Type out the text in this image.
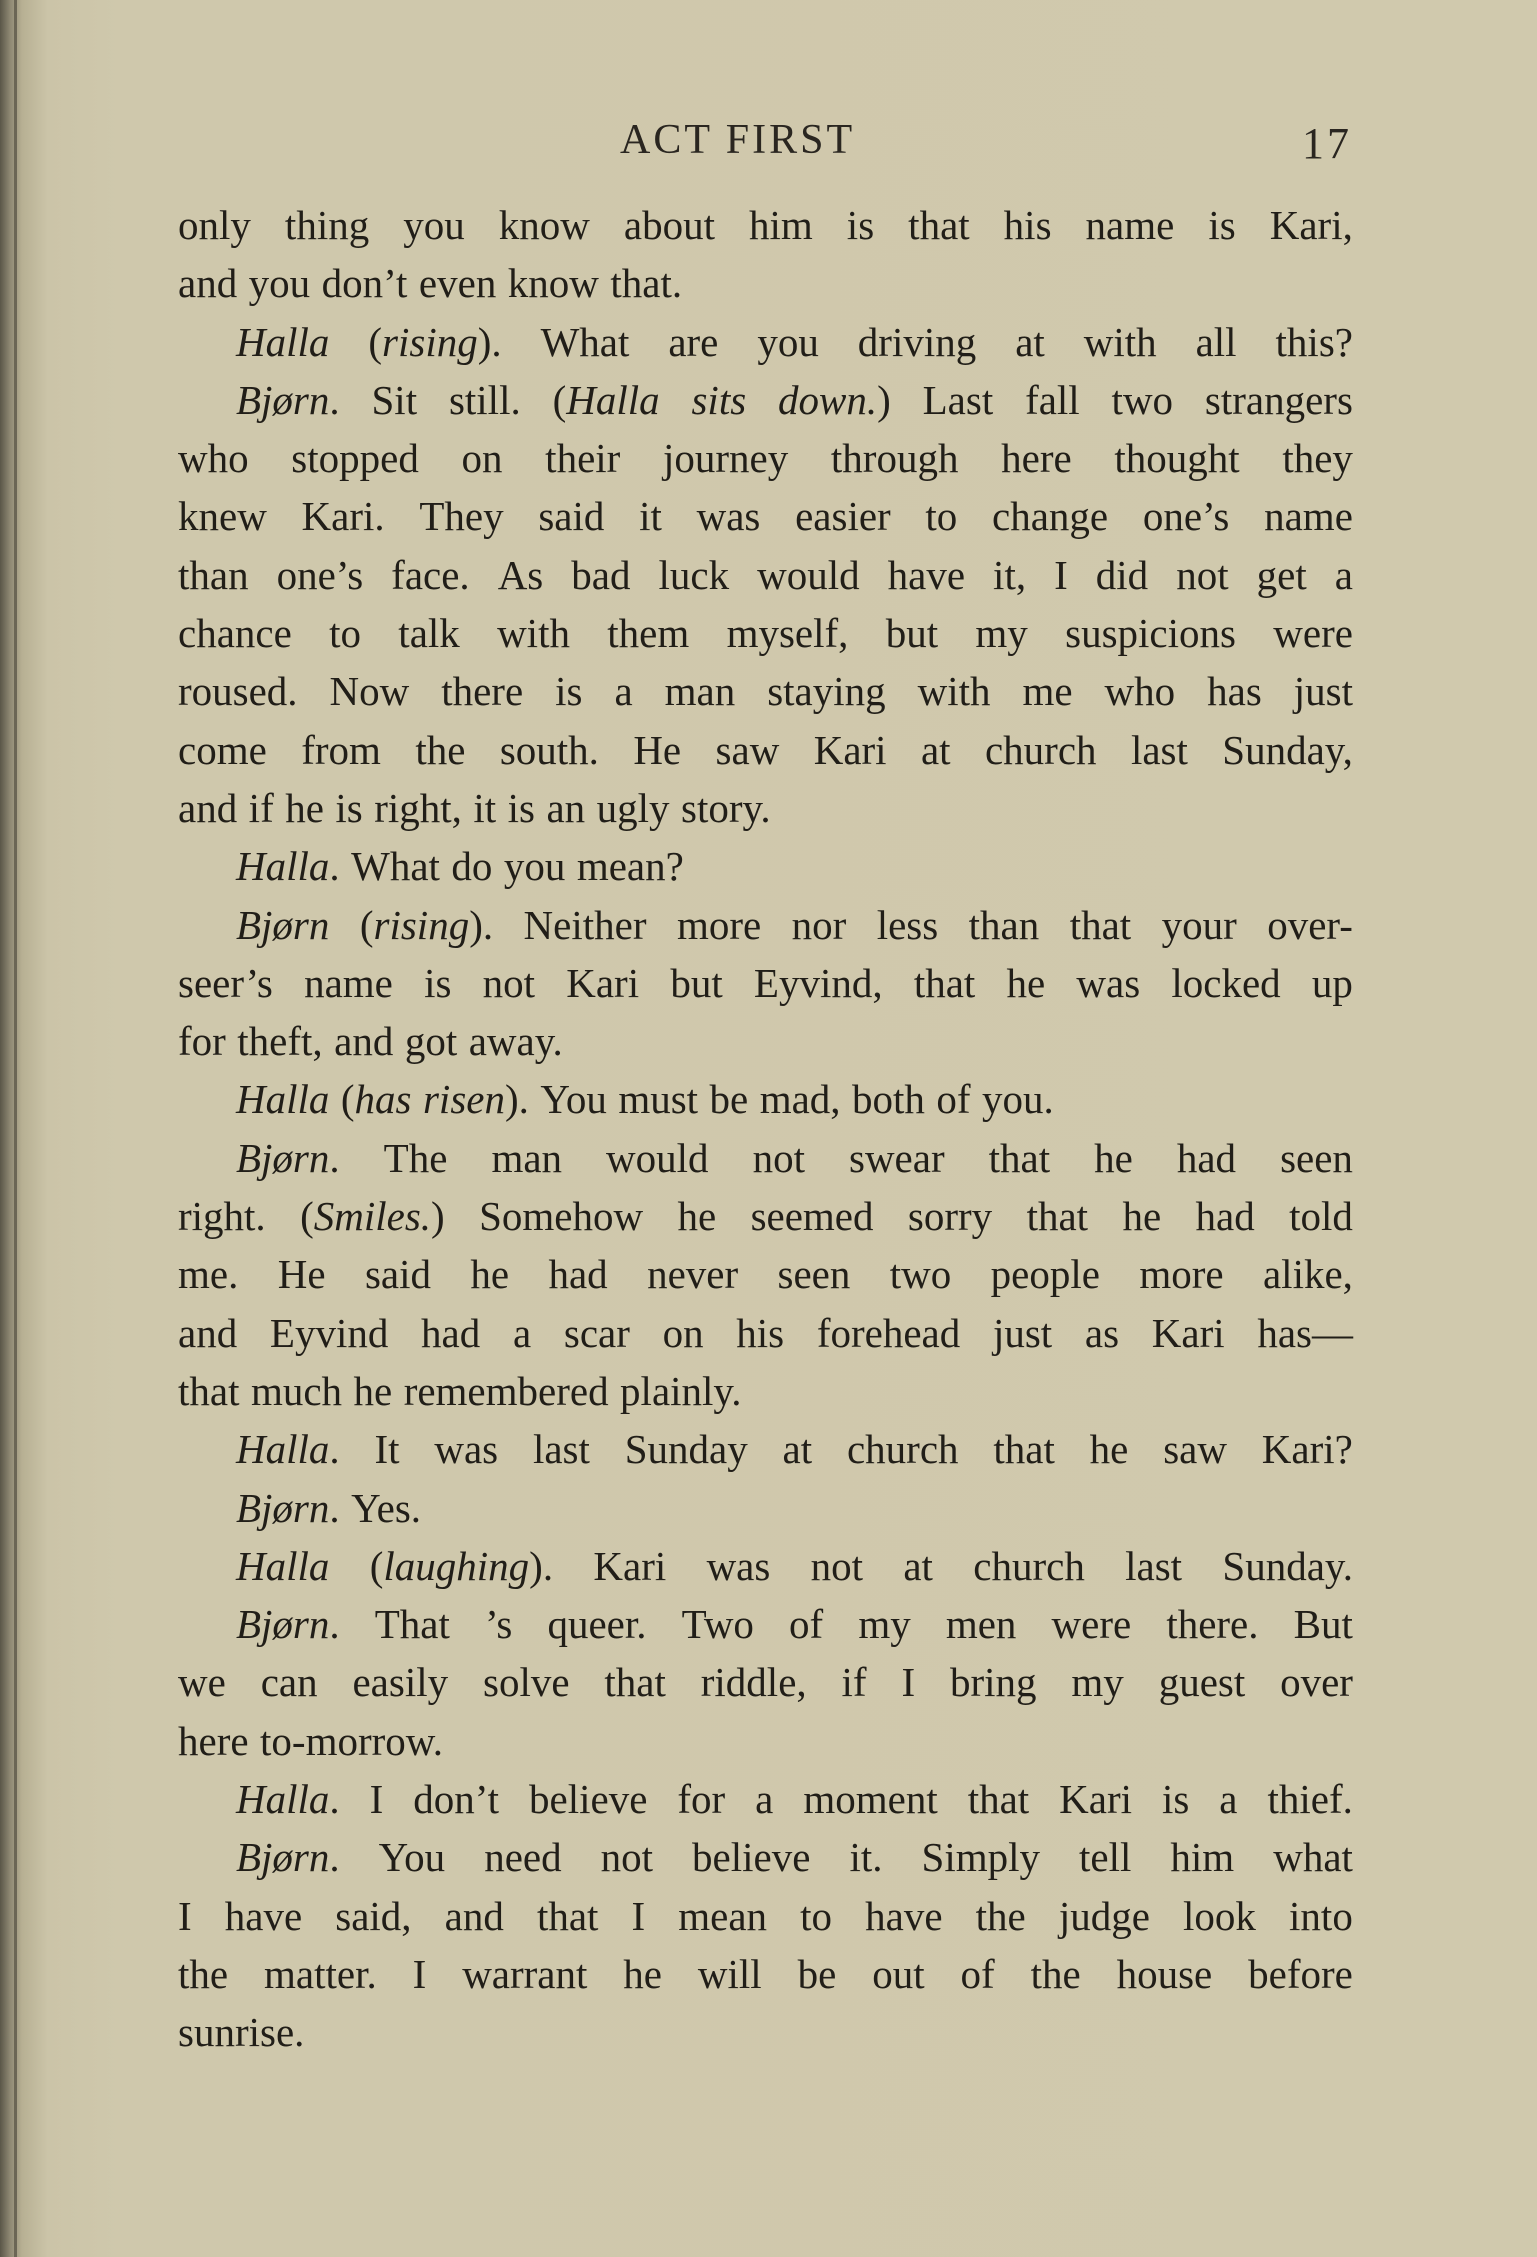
ACT FIRST	17
only thing you know about him is that his name is Kari,
and you don’t even know that.
Halla (rising). What are you driving at with all this?
Bjørn. Sit still. (Halla sits down.) Last fall two strangers
who stopped on their journey through here thought they
knew Kari. They said it was easier to change one’s name
than one’s face. As bad luck would have it, I did not get a
chance to talk with them myself, but my suspicions were
roused. Now there is a man staying with me who has just
come from the south. He saw Kari at church last Sunday,
and if he is right, it is an ugly story.
Halla. What do you mean?
Bjørn (rising). Neither more nor less than that your over-
seer’s name is not Kari but Eyvind, that he was locked up
for theft, and got away.
Halla (has risen). You must be mad, both of you.
Bjørn. The man would not swear that he had seen
right. (Smiles.) Somehow he seemed sorry that he had told
me. He said he had never seen two people more alike,
and Eyvind had a scar on his forehead just as Kari has—
that much he remembered plainly.
Halla. It was last Sunday at church that he saw Kari?
Bjørn. Yes.
Halla (laughing). Kari was not at church last Sunday.
Bjørn. That ’s queer. Two of my men were there. But
we can easily solve that riddle, if I bring my guest over
here to-morrow.
Halla. I don’t believe for a moment that Kari is a thief.
Bjørn. You need not believe it. Simply tell him what
I have said, and that I mean to have the judge look into
the matter. I warrant he will be out of the house before
sunrise.
